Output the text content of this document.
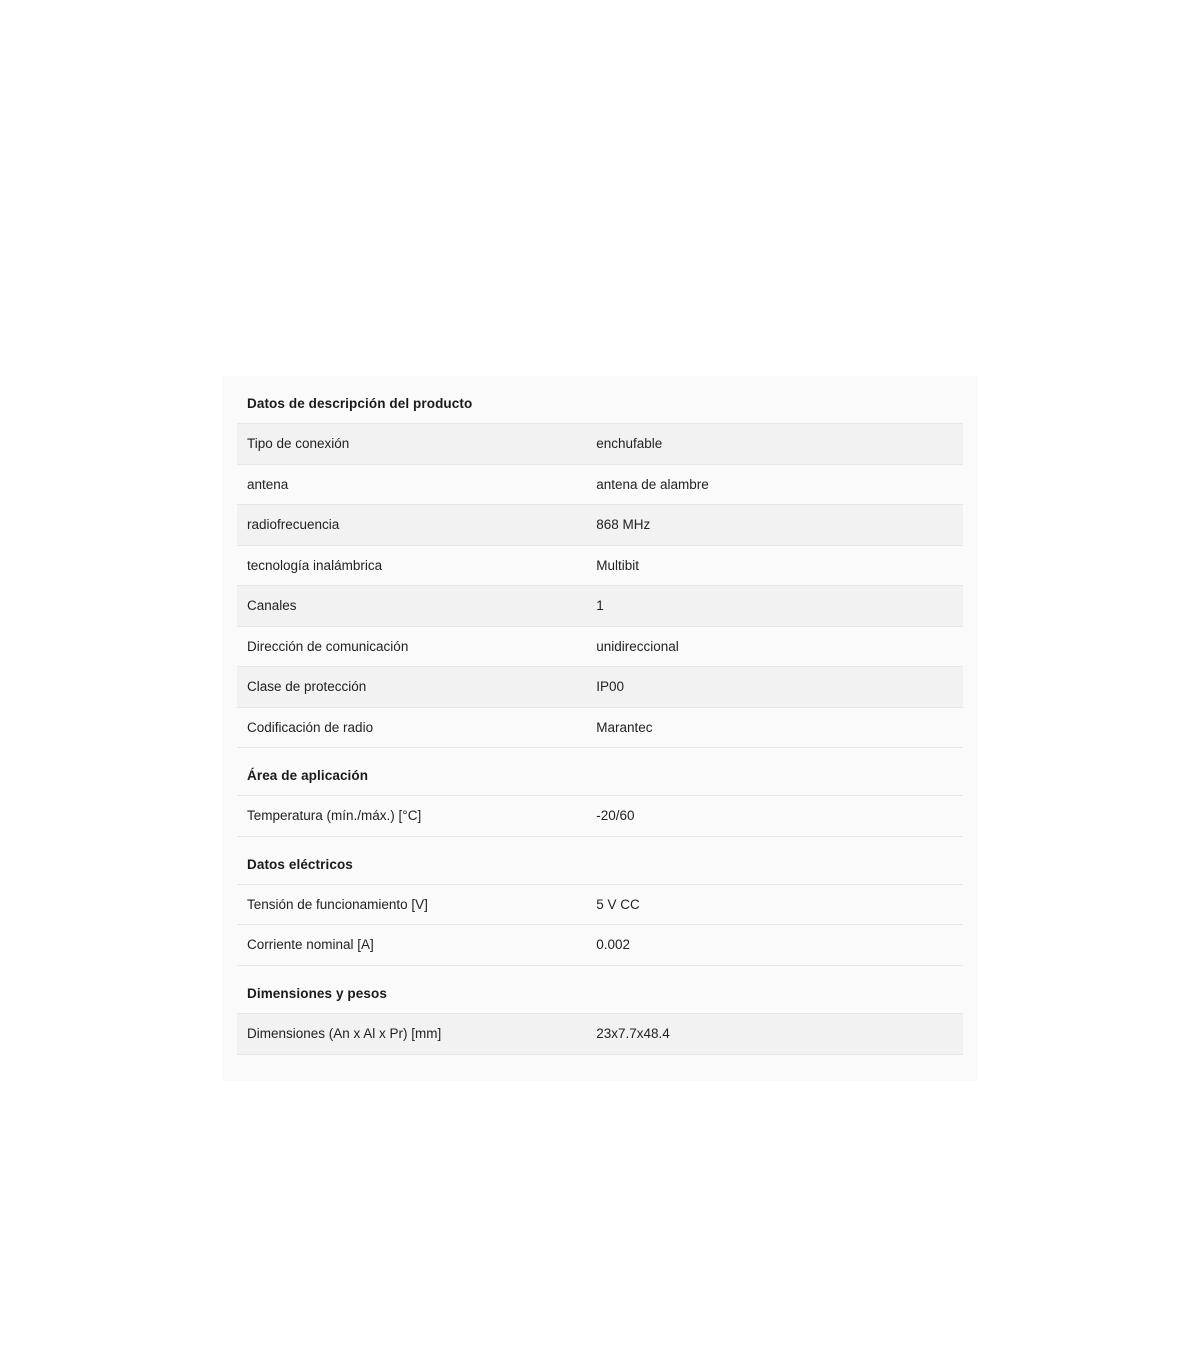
Datos de descripción del producto
Tipo de conexión	enchufable
antena	antena de alambre
radiofrecuencia	868 MHz
tecnología inalámbrica	Multibit
Canales	1
Dirección de comunicación	unidireccional
Clase de protección	IP00
Codificación de radio	Marantec
Área de aplicación
Temperatura (mín./máx.) [°C]	-20/60
Datos eléctricos
Tensión de funcionamiento [V]	5 V CC
Corriente nominal [A]	0.002
Dimensiones y pesos
Dimensiones (An x Al x Pr) [mm]	23x7.7x48.4
